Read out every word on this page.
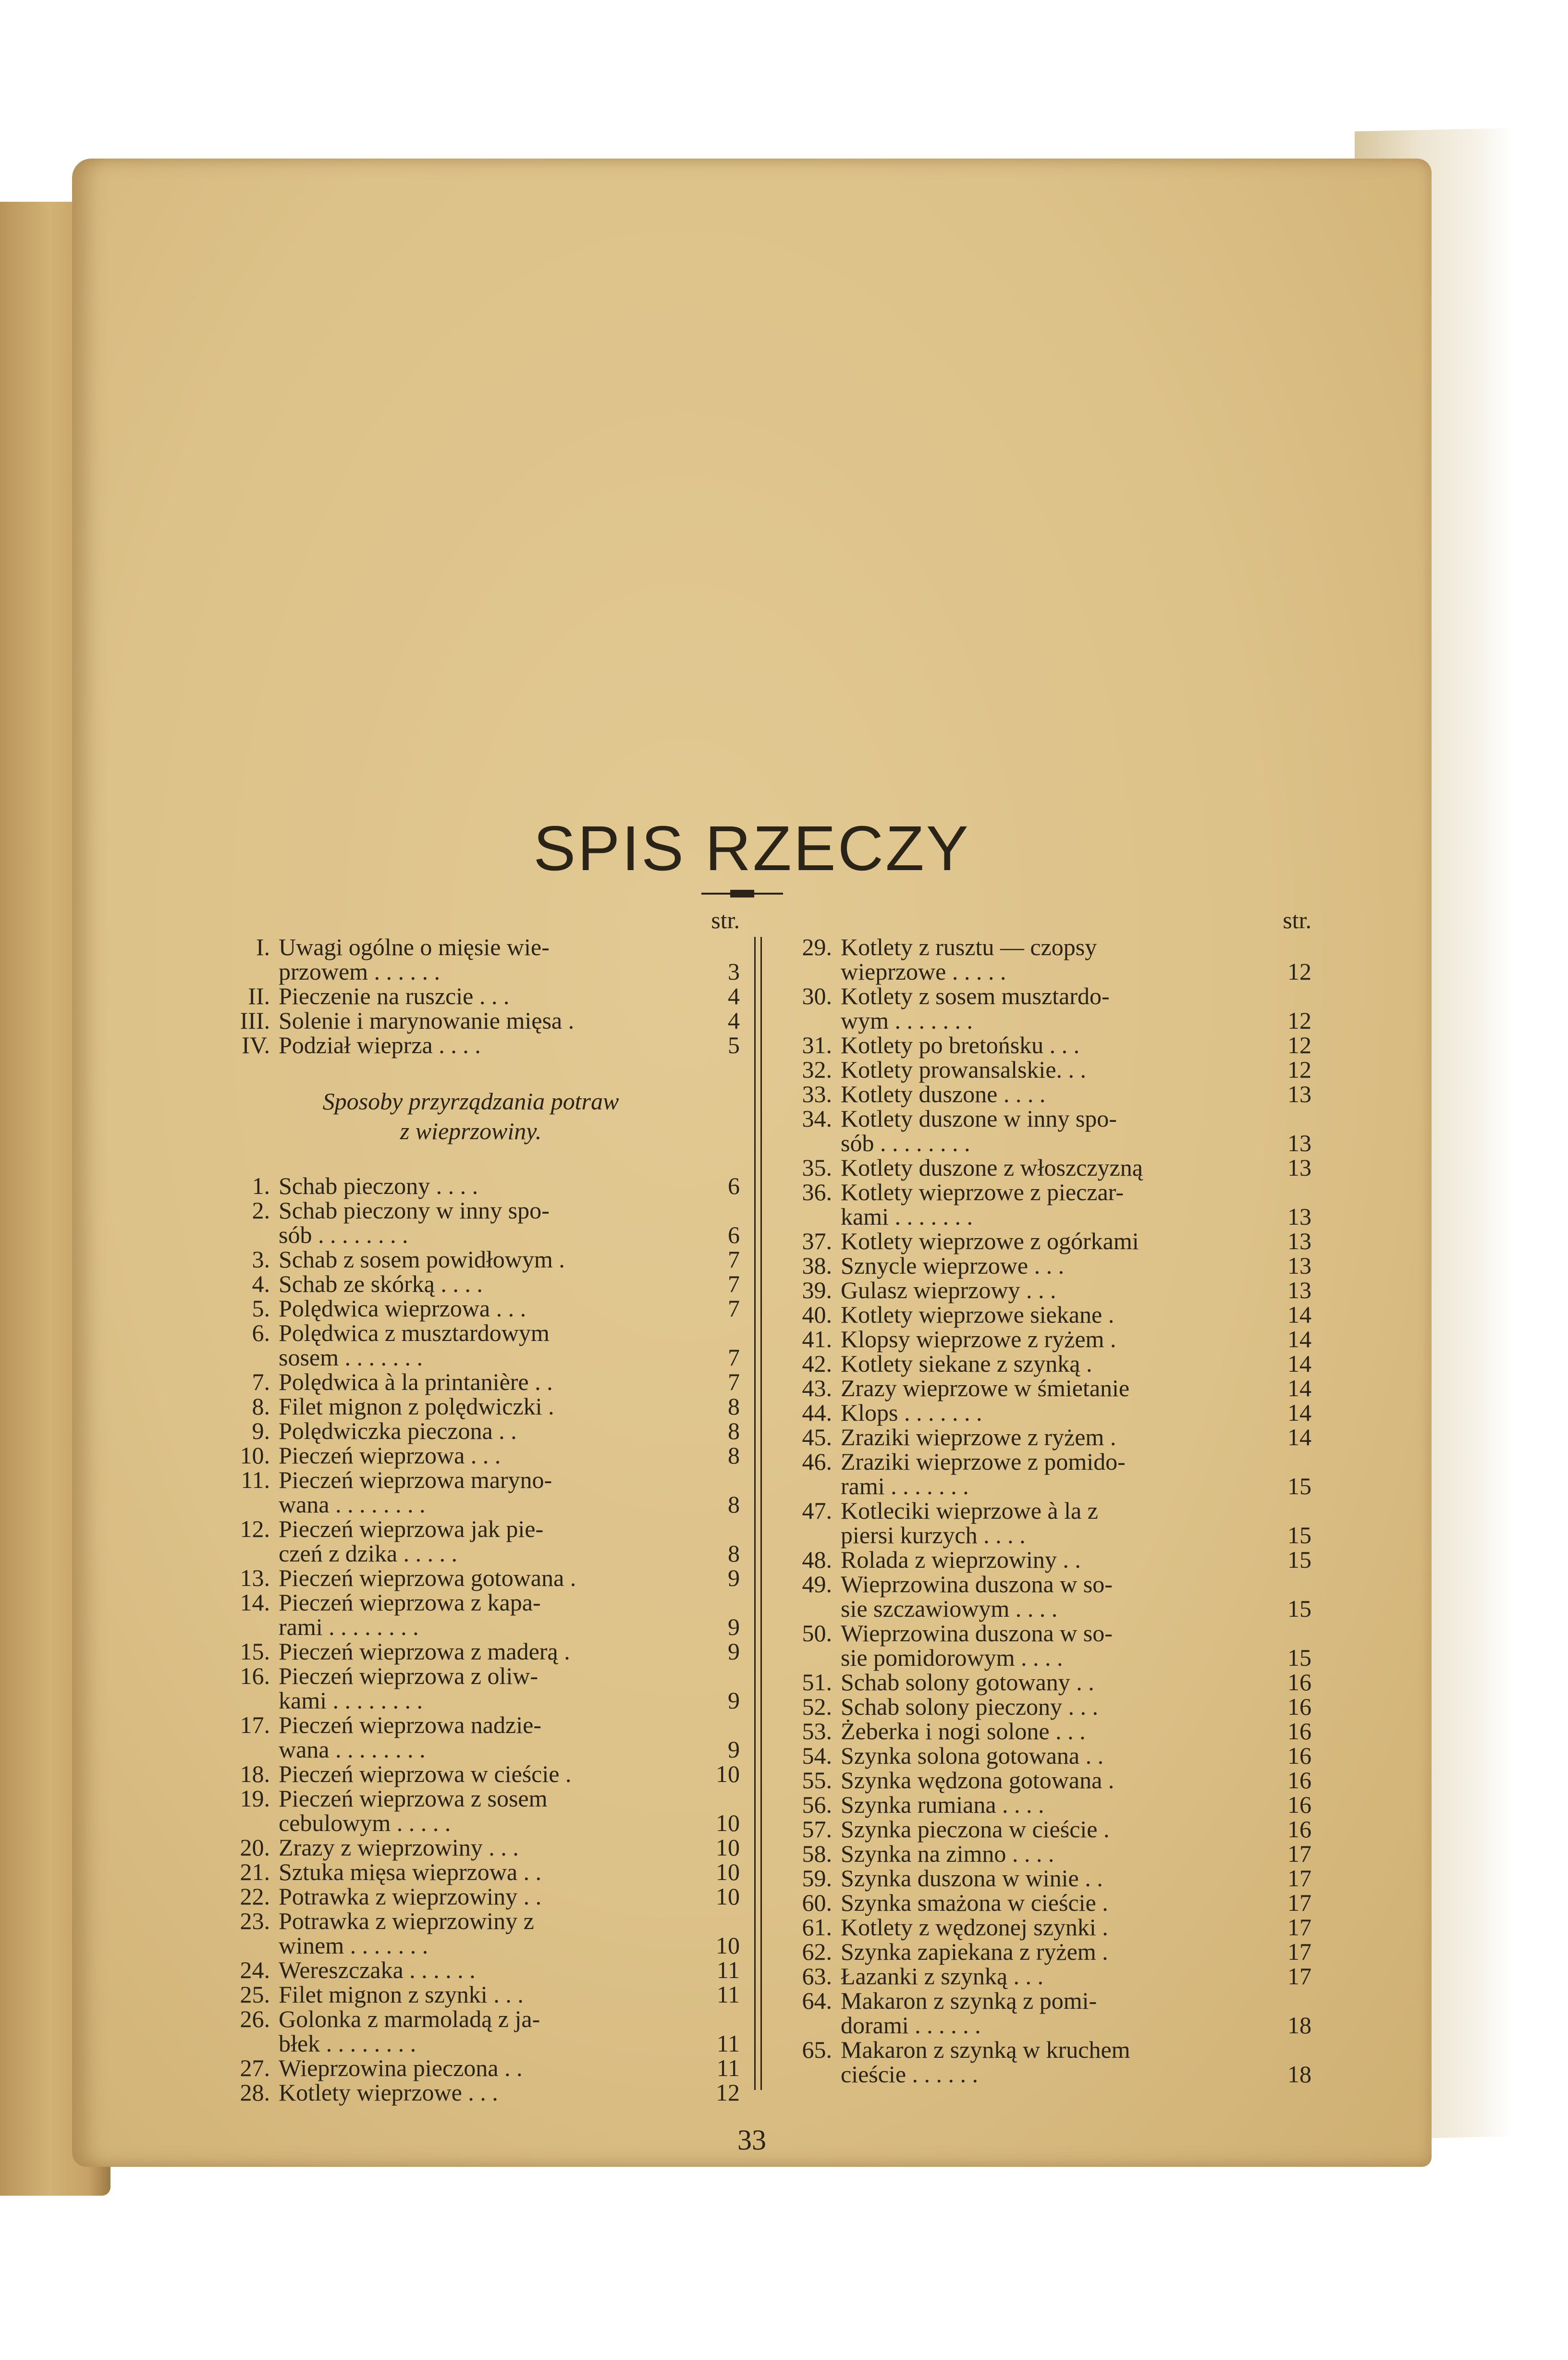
SPIS RZECZY
str.
I. Uwagi ogólne o mięsie wie-
przowem . . . . . .	3
II. Pieczenie na ruszcie . . .	4
III. Solenie i marynowanie mięsa .	4
IV. Podział wieprza . . . .	5
Sposoby przyrządzania potraw
z wieprzowiny.
1. Schab pieczony . . . .	6
2. Schab pieczony w inny spo-
sób . . . . . . . .	6
3. Schab z sosem powidłowym .	7
4. Schab ze skórką . . . .	7
5. Polędwica wieprzowa . . .	7
6. Polędwica z musztardowym
sosem . . . . . . .	7
7. Polędwica à la printanière . .	7
8. Filet mignon z polędwiczki .	8
9. Polędwiczka pieczona . .	8
10. Pieczeń wieprzowa . . .	8
11. Pieczeń wieprzowa maryno-
wana . . . . . . . .	8
12. Pieczeń wieprzowa jak pie-
czeń z dzika . . . . .	8
13. Pieczeń wieprzowa gotowana .	9
14. Pieczeń wieprzowa z kapa-
rami . . . . . . . .	9
15. Pieczeń wieprzowa z maderą .	9
16. Pieczeń wieprzowa z oliw-
kami . . . . . . . .	9
17. Pieczeń wieprzowa nadzie-
wana . . . . . . . .	9
18. Pieczeń wieprzowa w cieście .	10
19. Pieczeń wieprzowa z sosem
cebulowym . . . . .	10
20. Zrazy z wieprzowiny . . .	10
21. Sztuka mięsa wieprzowa . .	10
22. Potrawka z wieprzowiny . .	10
23. Potrawka z wieprzowiny z
winem . . . . . . .	10
24. Wereszczaka . . . . . .	11
25. Filet mignon z szynki . . .	11
26. Golonka z marmoladą z ja-
błek . . . . . . . .	11
27. Wieprzowina pieczona . .	11
28. Kotlety wieprzowe . . .	12
str.
29. Kotlety z rusztu — czopsy
wieprzowe . . . . .	12
30. Kotlety z sosem musztardo-
wym . . . . . . .	12
31. Kotlety po bretońsku . . .	12
32. Kotlety prowansalskie. . .	12
33. Kotlety duszone . . . .	13
34. Kotlety duszone w inny spo-
sób . . . . . . . .	13
35. Kotlety duszone z włoszczyzną	13
36. Kotlety wieprzowe z pieczar-
kami . . . . . . .	13
37. Kotlety wieprzowe z ogórkami	13
38. Sznycle wieprzowe . . .	13
39. Gulasz wieprzowy . . .	13
40. Kotlety wieprzowe siekane .	14
41. Klopsy wieprzowe z ryżem .	14
42. Kotlety siekane z szynką .	14
43. Zrazy wieprzowe w śmietanie	14
44. Klops . . . . . . .	14
45. Zraziki wieprzowe z ryżem .	14
46. Zraziki wieprzowe z pomido-
rami . . . . . . .	15
47. Kotleciki wieprzowe à la z
piersi kurzych . . . .	15
48. Rolada z wieprzowiny . .	15
49. Wieprzowina duszona w so-
sie szczawiowym . . . .	15
50. Wieprzowina duszona w so-
sie pomidorowym . . . .	15
51. Schab solony gotowany . .	16
52. Schab solony pieczony . . .	16
53. Żeberka i nogi solone . . .	16
54. Szynka solona gotowana . .	16
55. Szynka wędzona gotowana .	16
56. Szynka rumiana . . . .	16
57. Szynka pieczona w cieście .	16
58. Szynka na zimno . . . .	17
59. Szynka duszona w winie . .	17
60. Szynka smażona w cieście .	17
61. Kotlety z wędzonej szynki .	17
62. Szynka zapiekana z ryżem .	17
63. Łazanki z szynką . . .	17
64. Makaron z szynką z pomi-
dorami . . . . . .	18
65. Makaron z szynką w kruchem
cieście . . . . . .	18
33
